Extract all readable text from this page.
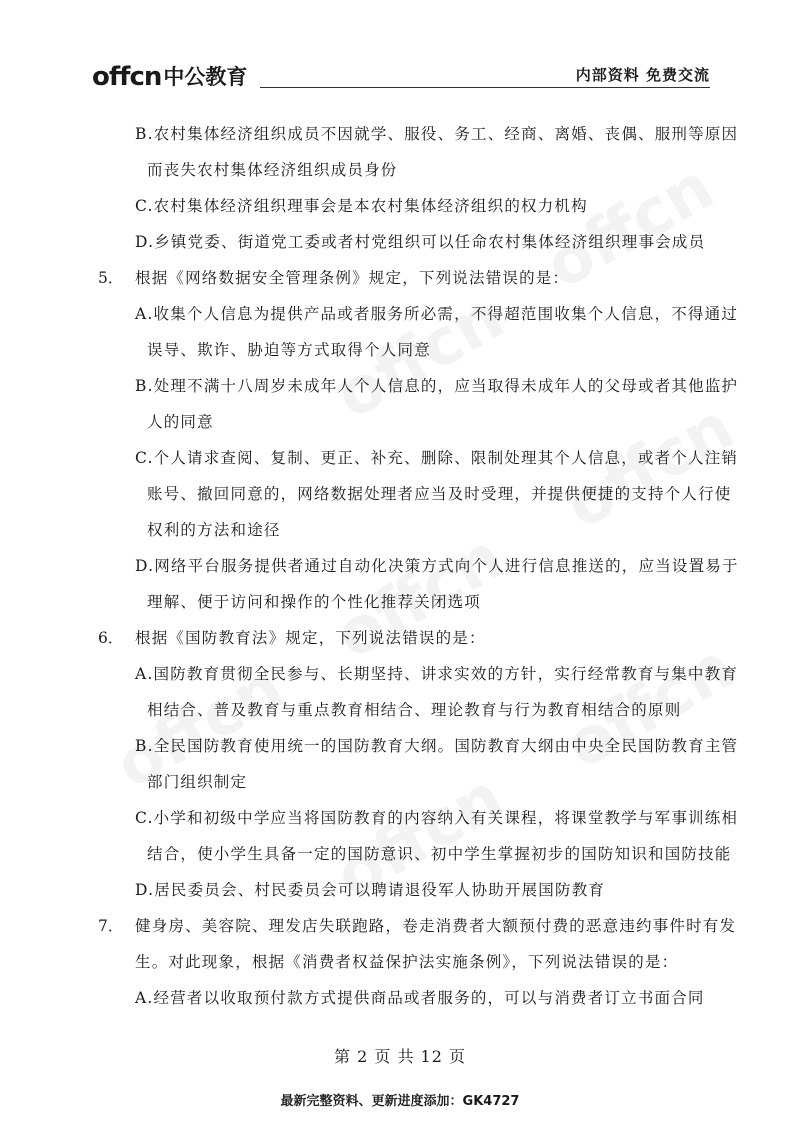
offcn 中公教育	内部资料 免费交流
B.农村集体经济组织成员不因就学、服役、务工、经商、离婚、丧偶、服刑等原因
而丧失农村集体经济组织成员身份
C.农村集体经济组织理事会是本农村集体经济组织的权力机构
D.乡镇党委、街道党工委或者村党组织可以任命农村集体经济组织理事会成员
5． 根据《网络数据安全管理条例》规定，下列说法错误的是：
A.收集个人信息为提供产品或者服务所必需，不得超范围收集个人信息，不得通过
误导、欺诈、胁迫等方式取得个人同意
B.处理不满十八周岁未成年人个人信息的，应当取得未成年人的父母或者其他监护
人的同意
C.个人请求查阅、复制、更正、补充、删除、限制处理其个人信息，或者个人注销
账号、撤回同意的，网络数据处理者应当及时受理，并提供便捷的支持个人行使
权利的方法和途径
D.网络平台服务提供者通过自动化决策方式向个人进行信息推送的，应当设置易于
理解、便于访问和操作的个性化推荐关闭选项
6． 根据《国防教育法》规定，下列说法错误的是：
A.国防教育贯彻全民参与、长期坚持、讲求实效的方针，实行经常教育与集中教育
相结合、普及教育与重点教育相结合、理论教育与行为教育相结合的原则
B.全民国防教育使用统一的国防教育大纲。国防教育大纲由中央全民国防教育主管
部门组织制定
C.小学和初级中学应当将国防教育的内容纳入有关课程，将课堂教学与军事训练相
结合，使小学生具备一定的国防意识、初中学生掌握初步的国防知识和国防技能
D.居民委员会、村民委员会可以聘请退役军人协助开展国防教育
7． 健身房、美容院、理发店失联跑路，卷走消费者大额预付费的恶意违约事件时有发
生。对此现象，根据《消费者权益保护法实施条例》，下列说法错误的是：
A.经营者以收取预付款方式提供商品或者服务的，可以与消费者订立书面合同
第 2 页 共 12 页
最新完整资料、更新进度添加：GK4727
